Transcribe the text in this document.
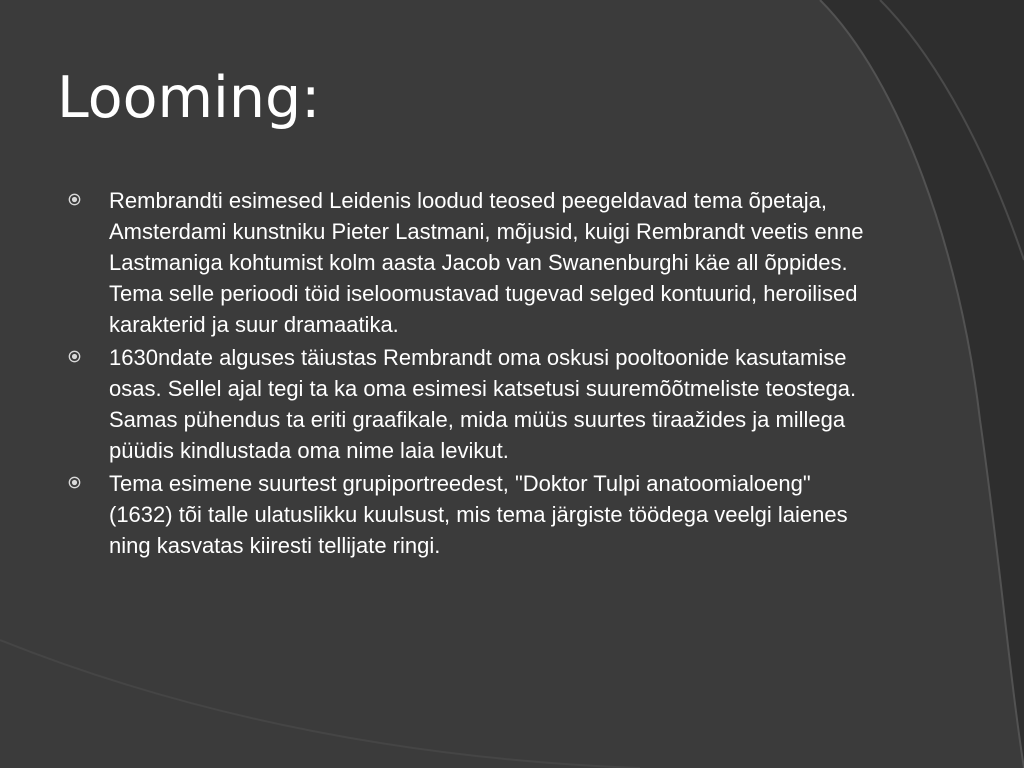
Looming:
Rembrandti esimesed Leidenis loodud teosed peegeldavad tema õpetaja, Amsterdami kunstniku Pieter Lastmani, mõjusid, kuigi Rembrandt veetis enne Lastmaniga kohtumist kolm aasta Jacob van Swanenburghi käe all õppides. Tema selle perioodi töid iseloomustavad tugevad selged kontuurid, heroilised karakterid ja suur dramaatika.
1630ndate alguses täiustas Rembrandt oma oskusi pooltoonide kasutamise osas. Sellel ajal tegi ta ka oma esimesi katsetusi suuremõõtmeliste teostega. Samas pühendus ta eriti graafikale, mida müüs suurtes tiraažides ja millega püüdis kindlustada oma nime laia levikut.
Tema esimene suurtest grupiportreedest, "Doktor Tulpi anatoomialoeng" (1632) tõi talle ulatuslikku kuulsust, mis tema järgiste töödega veelgi laienes ning kasvatas kiiresti tellijate ringi.
